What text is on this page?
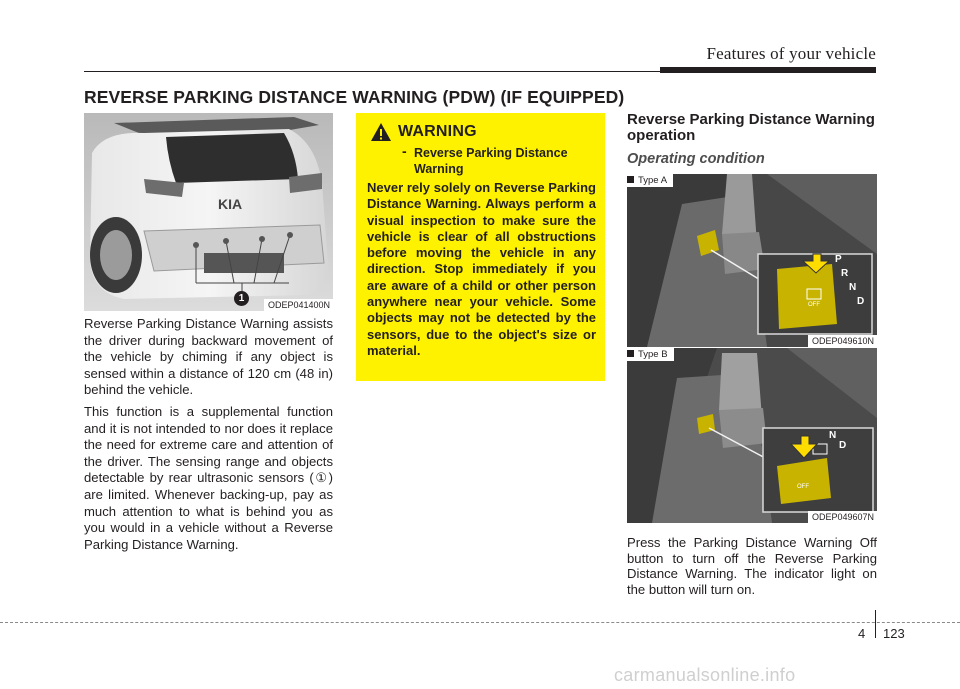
Features of your vehicle
REVERSE PARKING DISTANCE WARNING (PDW) (IF EQUIPPED)
KIA
1
ODEP041400N
Reverse Parking Distance Warning assists the driver during backward movement of the vehicle by chiming if any object is sensed within a distance of 120 cm (48 in) behind the vehicle.
This function is a supplemental function and it is not intended to nor does it replace the need for extreme care and attention of the driver. The sensing range and objects detectable by rear ultrasonic sensors (①) are limited. Whenever backing-up, pay as much attention to what is behind you as you would in a vehicle without a Reverse Parking Distance Warning.
WARNING
- Reverse Parking Distance Warning
Never rely solely on Reverse Parking Distance Warning. Always perform a visual inspection to make sure the vehicle is clear of all obstructions before moving the vehicle in any direction. Stop immediately if you are aware of a child or other person anywhere near your vehicle. Some objects may not be detected by the sensors, due to the object's size or material.
Reverse Parking Distance Warning operation
Operating condition
P
R
N
D
OFF
Type A
ODEP049610N
N
D
OFF
Type B
ODEP049607N
Press the Parking Distance Warning Off button to turn off the Reverse Parking Distance Warning. The indicator light on the button will turn on.
4 123
carmanualsonline.info
